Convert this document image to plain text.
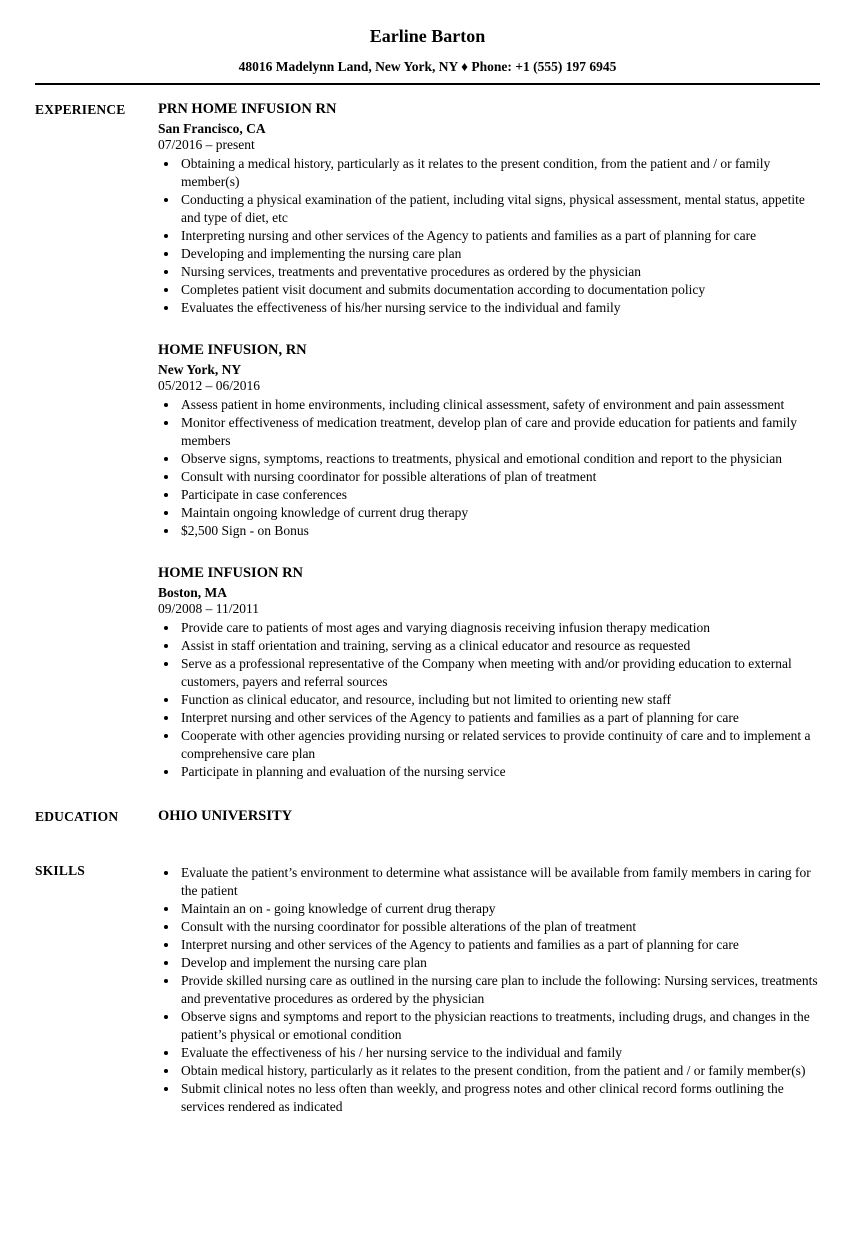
Earline Barton
48016 Madelynn Land, New York, NY ♦ Phone: +1 (555) 197 6945
EXPERIENCE	PRN HOME INFUSION RN
San Francisco, CA
07/2016 – present
• Obtaining a medical history, particularly as it relates to the present condition, from the patient and / or family member(s)
• Conducting a physical examination of the patient, including vital signs, physical assessment, mental status, appetite and type of diet, etc
• Interpreting nursing and other services of the Agency to patients and families as a part of planning for care
• Developing and implementing the nursing care plan
• Nursing services, treatments and preventative procedures as ordered by the physician
• Completes patient visit document and submits documentation according to documentation policy
• Evaluates the effectiveness of his/her nursing service to the individual and family
HOME INFUSION, RN
New York, NY
05/2012 – 06/2016
• Assess patient in home environments, including clinical assessment, safety of environment and pain assessment
• Monitor effectiveness of medication treatment, develop plan of care and provide education for patients and family members
• Observe signs, symptoms, reactions to treatments, physical and emotional condition and report to the physician
• Consult with nursing coordinator for possible alterations of plan of treatment
• Participate in case conferences
• Maintain ongoing knowledge of current drug therapy
• $2,500 Sign - on Bonus
HOME INFUSION RN
Boston, MA
09/2008 – 11/2011
• Provide care to patients of most ages and varying diagnosis receiving infusion therapy medication
• Assist in staff orientation and training, serving as a clinical educator and resource as requested
• Serve as a professional representative of the Company when meeting with and/or providing education to external customers, payers and referral sources
• Function as clinical educator, and resource, including but not limited to orienting new staff
• Interpret nursing and other services of the Agency to patients and families as a part of planning for care
• Cooperate with other agencies providing nursing or related services to provide continuity of care and to implement a comprehensive care plan
• Participate in planning and evaluation of the nursing service
EDUCATION	OHIO UNIVERSITY
SKILLS	• Evaluate the patient’s environment to determine what assistance will be available from family members in caring for the patient
• Maintain an on - going knowledge of current drug therapy
• Consult with the nursing coordinator for possible alterations of the plan of treatment
• Interpret nursing and other services of the Agency to patients and families as a part of planning for care
• Develop and implement the nursing care plan
• Provide skilled nursing care as outlined in the nursing care plan to include the following: Nursing services, treatments and preventative procedures as ordered by the physician
• Observe signs and symptoms and report to the physician reactions to treatments, including drugs, and changes in the patient’s physical or emotional condition
• Evaluate the effectiveness of his / her nursing service to the individual and family
• Obtain medical history, particularly as it relates to the present condition, from the patient and / or family member(s)
• Submit clinical notes no less often than weekly, and progress notes and other clinical record forms outlining the services rendered as indicated
